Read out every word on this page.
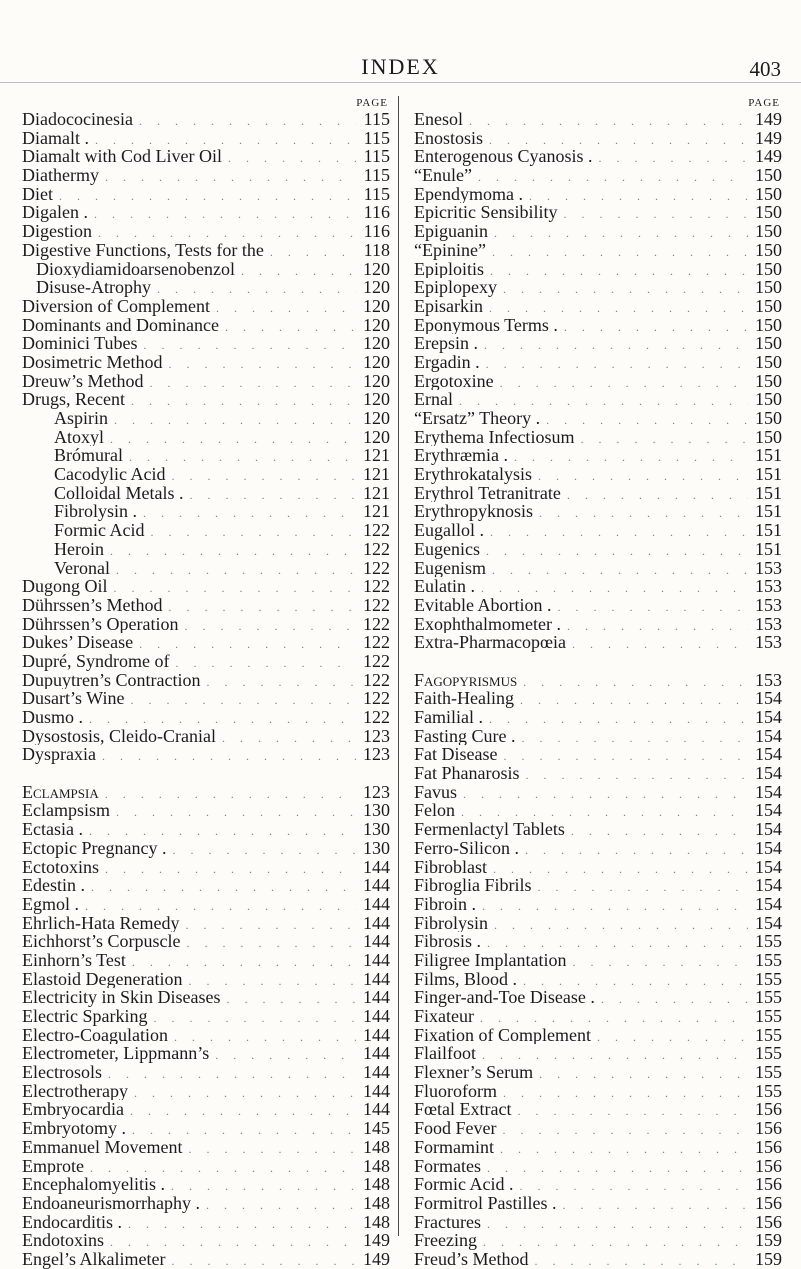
INDEX	403
PAGE
Diadococinesia . . .	115
Diamalt . . . .	115
Diamalt with Cod Liver Oil . . .	115
Diathermy . . .	115
Diet . . .	115
Digalen . . . .	116
Digestion . . .	116
Digestive Functions, Tests for the . . .	118
Dioxydiamidoarsenobenzol . . .	120
Disuse-Atrophy . . .	120
Diversion of Complement . . .	120
Dominants and Dominance . . .	120
Dominici Tubes . . .	120
Dosimetric Method . . .	120
Dreuw’s Method . . .	120
Drugs, Recent . . .	120
Aspirin . . .	120
Atoxyl . . .	120
Brómural . . .	121
Cacodylic Acid . . .	121
Colloidal Metals . . . .	121
Fibrolysin . . . .	121
Formic Acid . . .	122
Heroin . . .	122
Veronal . . .	122
Dugong Oil . . .	122
Dührssen’s Method . . .	122
Dührssen’s Operation . . .	122
Dukes’ Disease . . .	122
Dupré, Syndrome of . . .	122
Dupuytren’s Contraction . . .	122
Dusart’s Wine . . .	122
Dusmo . . . .	122
Dysostosis, Cleido-Cranial . . .	123
Dyspraxia . . .	123
Eclampsia . . .	123
Eclampsism . . .	130
Ectasia . . . .	130
Ectopic Pregnancy . . . .	130
Ectotoxins . . .	144
Edestin . . . .	144
Egmol . . . .	144
Ehrlich-Hata Remedy . . .	144
Eichhorst’s Corpuscle . . .	144
Einhorn’s Test . . .	144
Elastoid Degeneration . . .	144
Electricity in Skin Diseases . . .	144
Electric Sparking . . .	144
Electro-Coagulation . . .	144
Electrometer, Lippmann’s . . .	144
Electrosols . . .	144
Electrotherapy . . .	144
Embryocardia . . .	144
Embryotomy . . . .	145
Emmanuel Movement . . .	148
Emprote . . .	148
Encephalomyelitis . . . .	148
Endoaneurismorrhaphy . . . .	148
Endocarditis . . . .	148
Endotoxins . . .	149
Engel’s Alkalimeter . . .	149
PAGE
Enesol . . .	149
Enostosis . . .	149
Enterogenous Cyanosis . . . .	149
“Enule” . . .	150
Ependymoma . . . .	150
Epicritic Sensibility . . .	150
Epiguanin . . .	150
“Epinine” . . .	150
Epiploitis . . .	150
Epiplopexy . . .	150
Episarkin . . .	150
Eponymous Terms . . . .	150
Erepsin . . . .	150
Ergadin . . . .	150
Ergotoxine . . .	150
Ernal . . .	150
“Ersatz” Theory . . . .	150
Erythema Infectiosum . . .	150
Erythræmia . . . .	151
Erythrokatalysis . . .	151
Erythrol Tetranitrate . . .	151
Erythropyknosis . . .	151
Eugallol . . . .	151
Eugenics . . .	151
Eugenism . . .	153
Eulatin . . . .	153
Evitable Abortion . . . .	153
Exophthalmometer . . . .	153
Extra-Pharmacopœia . . .	153
Fagopyrismus . . .	153
Faith-Healing . . .	154
Familial . . . .	154
Fasting Cure . . . .	154
Fat Disease . . .	154
Fat Phanarosis . . .	154
Favus . . .	154
Felon . . .	154
Fermenlactyl Tablets . . .	154
Ferro-Silicon . . . .	154
Fibroblast . . .	154
Fibroglia Fibrils . . .	154
Fibroin . . . .	154
Fibrolysin . . .	154
Fibrosis . . . .	155
Filigree Implantation . . .	155
Films, Blood . . . .	155
Finger-and-Toe Disease . . . .	155
Fixateur . . .	155
Fixation of Complement . . .	155
Flailfoot . . .	155
Flexner’s Serum . . .	155
Fluoroform . . .	155
Fœtal Extract . . .	156
Food Fever . . .	156
Formamint . . .	156
Formates . . .	156
Formic Acid . . . .	156
Formitrol Pastilles . . . .	156
Fractures . . .	156
Freezing . . .	159
Freud’s Method . . .	159
